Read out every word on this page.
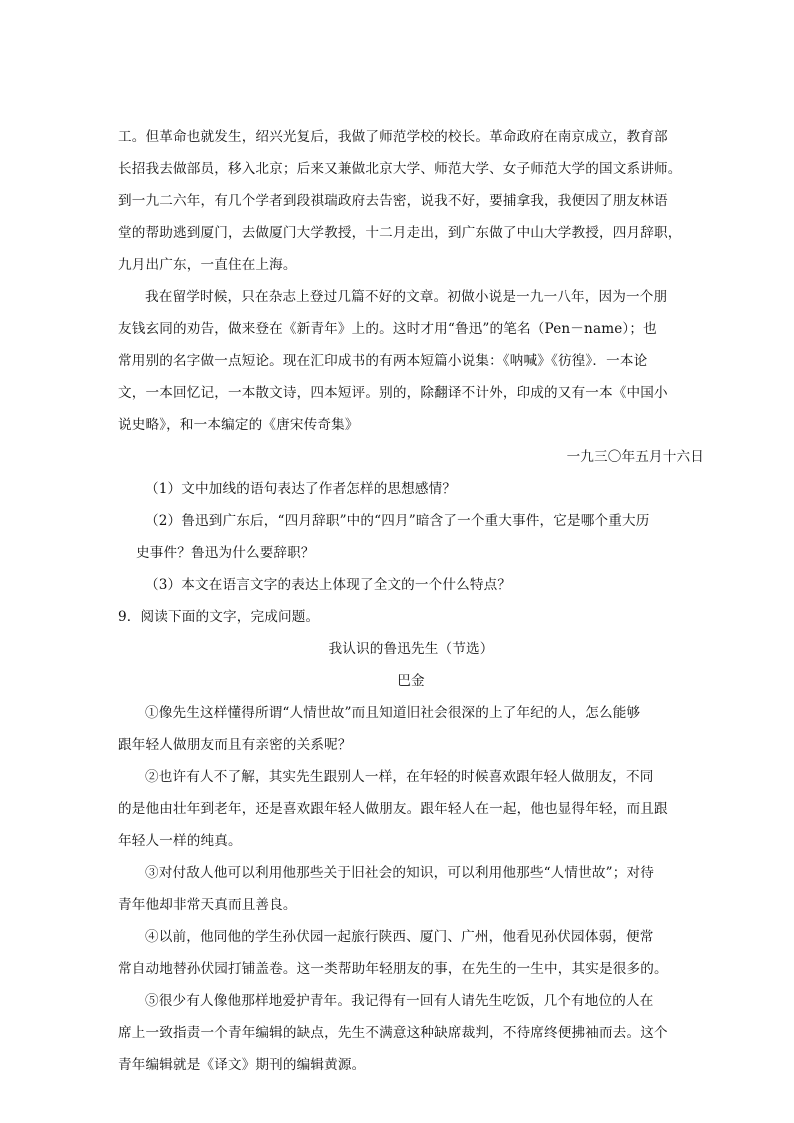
工。但革命也就发生，绍兴光复后，我做了师范学校的校长。革命政府在南京成立，教育部
长招我去做部员，移入北京；后来又兼做北京大学、师范大学、女子师范大学的国文系讲师。
到一九二六年，有几个学者到段祺瑞政府去告密，说我不好，要捕拿我，我便因了朋友林语
堂的帮助逃到厦门，去做厦门大学教授，十二月走出，到广东做了中山大学教授，四月辞职，
九月出广东，一直住在上海。
我在留学时候，只在杂志上登过几篇不好的文章。初做小说是一九一八年，因为一个朋
友钱玄同的劝告，做来登在《新青年》上的。这时才用“鲁迅”的笔名（Pen－name）；也
常用别的名字做一点短论。现在汇印成书的有两本短篇小说集：《呐喊》《彷徨》．一本论
文，一本回忆记，一本散文诗，四本短评。别的，除翻译不计外，印成的又有一本《中国小
说史略》，和一本编定的《唐宋传奇集》
一九三〇年五月十六日
（1）文中加线的语句表达了作者怎样的思想感情？
（2）鲁迅到广东后，“四月辞职”中的“四月”暗含了一个重大事件，它是哪个重大历
史事件？鲁迅为什么要辞职？
（3）本文在语言文字的表达上体现了全文的一个什么特点？
9．阅读下面的文字，完成问题。
我认识的鲁迅先生（节选）
巴金
①像先生这样懂得所谓“人情世故”而且知道旧社会很深的上了年纪的人，怎么能够
跟年轻人做朋友而且有亲密的关系呢？
②也许有人不了解，其实先生跟别人一样，在年轻的时候喜欢跟年轻人做朋友，不同
的是他由壮年到老年，还是喜欢跟年轻人做朋友。跟年轻人在一起，他也显得年轻，而且跟
年轻人一样的纯真。
③对付敌人他可以利用他那些关于旧社会的知识，可以利用他那些“人情世故”；对待
青年他却非常天真而且善良。
④以前，他同他的学生孙伏园一起旅行陕西、厦门、广州，他看见孙伏园体弱，便常
常自动地替孙伏园打铺盖卷。这一类帮助年轻朋友的事，在先生的一生中，其实是很多的。
⑤很少有人像他那样地爱护青年。我记得有一回有人请先生吃饭，几个有地位的人在
席上一致指责一个青年编辑的缺点，先生不满意这种缺席裁判，不待席终便拂袖而去。这个
青年编辑就是《译文》期刊的编辑黄源。
